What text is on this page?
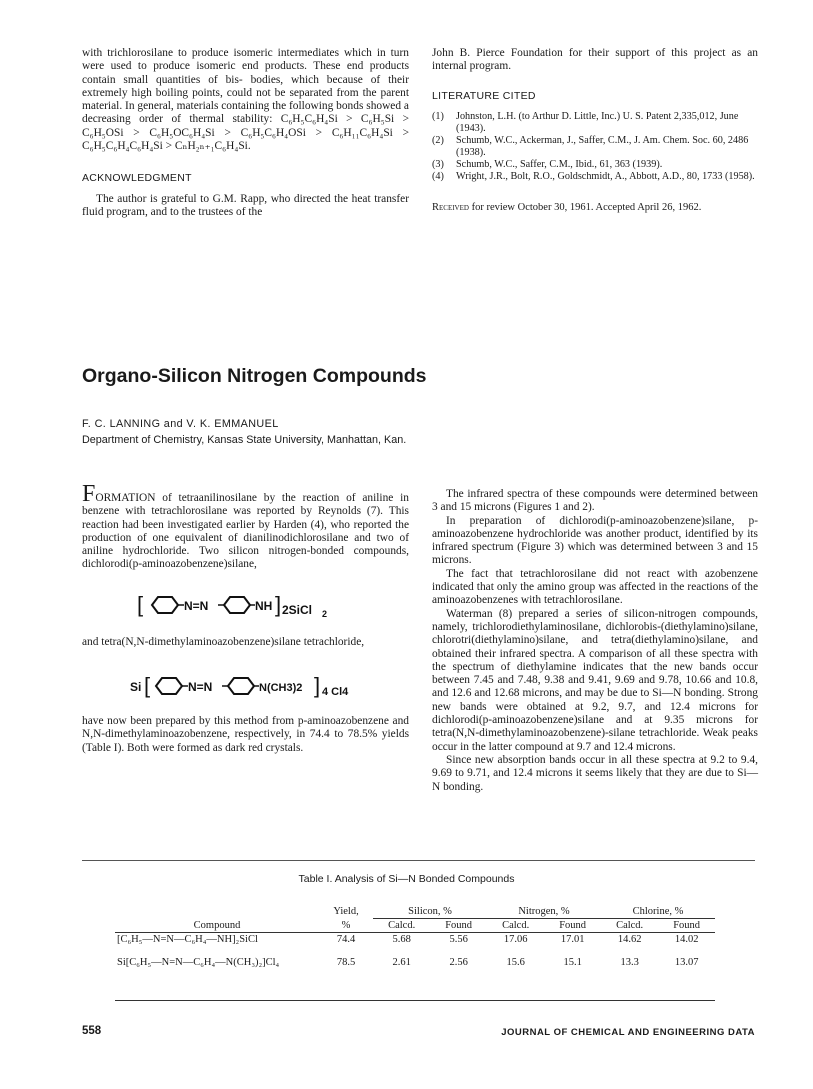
with trichlorosilane to produce isomeric intermediates which in turn were used to produce isomeric end products. These end products contain small quantities of bis- bodies, which because of their extremely high boiling points, could not be separated from the parent material. In general, materials containing the following bonds showed a decreasing order of thermal stability: C₆H₅C₆H₄Si > C₆H₅Si > C₆H₅OSi > C₆H₅OC₆H₄Si > C₆H₅C₆H₄OSi > C₆H₁₁C₆H₄Si > C₆H₅C₆H₄C₆H₄Si > CₙH₂ₙ₊₁C₆H₄Si.

ACKNOWLEDGMENT

The author is grateful to G.M. Rapp, who directed the heat transfer fluid program, and to the trustees of the

John B. Pierce Foundation for their support of this project as an internal program.

LITERATURE CITED

(1)	Johnston, L.H. (to Arthur D. Little, Inc.) U. S. Patent 2,335,012, June (1943).
(2)	Schumb, W.C., Ackerman, J., Saffer, C.M., J. Am. Chem. Soc. 60, 2486 (1938).
(3)	Schumb, W.C., Saffer, C.M., Ibid., 61, 363 (1939).
(4)	Wright, J.R., Bolt, R.O., Goldschmidt, A., Abbott, A.D., 80, 1733 (1958).

Received for review October 30, 1961. Accepted April 26, 1962.

Organo-Silicon Nitrogen Compounds
F. C. LANNING and V. K. EMMANUEL
Department of Chemistry, Kansas State University, Manhattan, Kan.

FORMATION of tetraanilinosilane by the reaction of aniline in benzene with tetrachlorosilane was reported by Reynolds (7). This reaction had been investigated earlier by Harden (4), who reported the production of one equivalent of dianilinodichlorosilane and two of aniline hydrochloride. Two silicon nitrogen-bonded compounds, dichlorodi(p-aminoazobenzene)silane,

[	N=N	NH ] 2SiCl 2

and tetra(N,N-dimethylaminoazobenzene)silane tetrachloride,

Si [	N=N	N(CH3)2 ] 4 Cl4

have now been prepared by this method from p-aminoazobenzene and N,N-dimethylaminoazobenzene, respectively, in 74.4 to 78.5% yields (Table I). Both were formed as dark red crystals.

The infrared spectra of these compounds were determined between 3 and 15 microns (Figures 1 and 2).

In preparation of dichlorodi(p-aminoazobenzene)silane, p-aminoazobenzene hydrochloride was another product, identified by its infrared spectrum (Figure 3) which was determined between 3 and 15 microns.

The fact that tetrachlorosilane did not react with azobenzene indicated that only the amino group was affected in the reactions of the aminoazobenzenes with tetrachlorosilane.

Waterman (8) prepared a series of silicon-nitrogen compounds, namely, trichlorodiethylaminosilane, dichlorobis-(diethylamino)silane, chlorotri(diethylamino)silane, and tetra(diethylamino)silane, and obtained their infrared spectra. A comparison of all these spectra with the spectrum of diethylamine indicates that the new bands occur between 7.45 and 7.48, 9.38 and 9.41, 9.69 and 9.78, 10.66 and 10.8, and 12.6 and 12.68 microns, and may be due to Si—N bonding. Strong new bands were obtained at 9.2, 9.7, and 12.4 microns for dichlorodi(p-aminoazobenzene)silane and at 9.35 microns for tetra(N,N-dimethylaminoazobenzene)-silane tetrachloride. Weak peaks occur in the latter compound at 9.7 and 12.4 microns.

Since new absorption bands occur in all these spectra at 9.2 to 9.4, 9.69 to 9.71, and 12.4 microns it seems likely that they are due to Si—N bonding.

Table I. Analysis of Si—N Bonded Compounds
	Yield,	Silicon, %		Nitrogen, %		Chlorine, %	
Compound	%	Calcd.	Found	Calcd.	Found	Calcd.	Found
[C₆H₅—N=N—C₆H₄—NH]₂SiCl	74.4	5.68	5.56	17.06	17.01	14.62	14.02

Si[C₆H₅—N=N—C₆H₄—N(CH₃)₂]Cl₄	78.5	2.61	2.56	15.6	15.1	13.3	13.07
558	JOURNAL OF CHEMICAL AND ENGINEERING DATA
